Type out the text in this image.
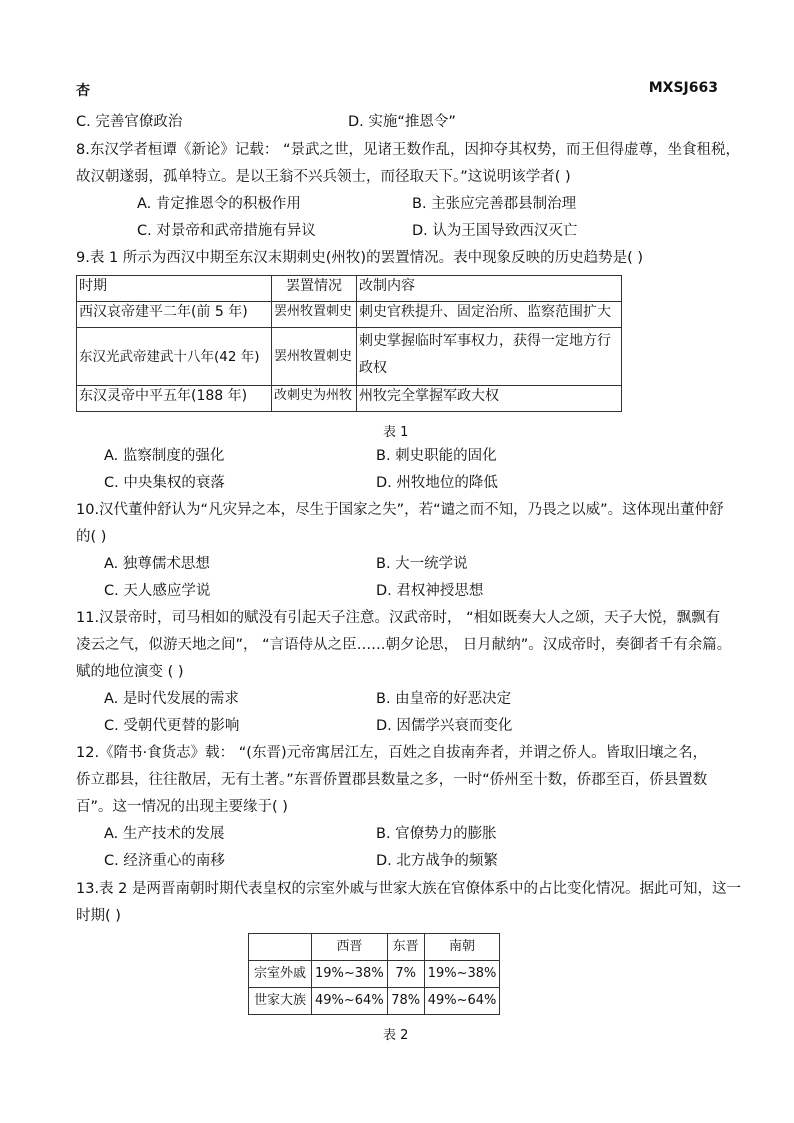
杏	MXSJ663
C. 完善官僚政治	D. 实施“推恩令”
8.东汉学者桓谭《新论》记载： “景武之世，见诸王数作乱，因抑夺其权势，而王但得虚尊，坐食租税，
故汉朝遂弱，孤单特立。是以王翁不兴兵领士，而径取天下。”这说明该学者( )
A. 肯定推恩令的积极作用	B. 主张应完善郡县制治理
C. 对景帝和武帝措施有异议	D. 认为王国导致西汉灭亡
9.表 1 所示为西汉中期至东汉末期刺史(州牧)的罢置情况。表中现象反映的历史趋势是( )
时期	罢置情况	改制内容
西汉哀帝建平二年(前 5 年)	罢州牧置刺史	刺史官秩提升、固定治所、监察范围扩大
东汉光武帝建武十八年(42 年)	罢州牧置刺史	刺史掌握临时军事权力，获得一定地方行政权
东汉灵帝中平五年(188 年)	改刺史为州牧	州牧完全掌握军政大权
表 1
A. 监察制度的强化	B. 刺史职能的固化
C. 中央集权的衰落	D. 州牧地位的降低
10.汉代董仲舒认为“凡灾异之本，尽生于国家之失”，若“谴之而不知，乃畏之以威”。这体现出董仲舒
的( )
A. 独尊儒术思想	B. 大一统学说
C. 天人感应学说	D. 君权神授思想
11.汉景帝时，司马相如的赋没有引起天子注意。汉武帝时， “相如既奏大人之颂，天子大悦，飘飘有
凌云之气，似游天地之间”， “言语侍从之臣……朝夕论思， 日月献纳”。汉成帝时，奏御者千有余篇。
赋的地位演变 ( )
A. 是时代发展的需求	B. 由皇帝的好恶决定
C. 受朝代更替的影响	D. 因儒学兴衰而变化
12.《隋书·食货志》载： “(东晋)元帝寓居江左，百姓之自拔南奔者，并谓之侨人。皆取旧壤之名，
侨立郡县，往往散居，无有土著。”东晋侨置郡县数量之多，一时“侨州至十数，侨郡至百，侨县置数
百”。这一情况的出现主要缘于( )
A. 生产技术的发展	B. 官僚势力的膨胀
C. 经济重心的南移	D. 北方战争的频繁
13.表 2 是两晋南朝时期代表皇权的宗室外戚与世家大族在官僚体系中的占比变化情况。据此可知，这一
时期( )
	西晋	东晋	南朝
宗室外戚	19%~38%	7%	19%~38%
世家大族	49%~64%	78%	49%~64%
表 2
